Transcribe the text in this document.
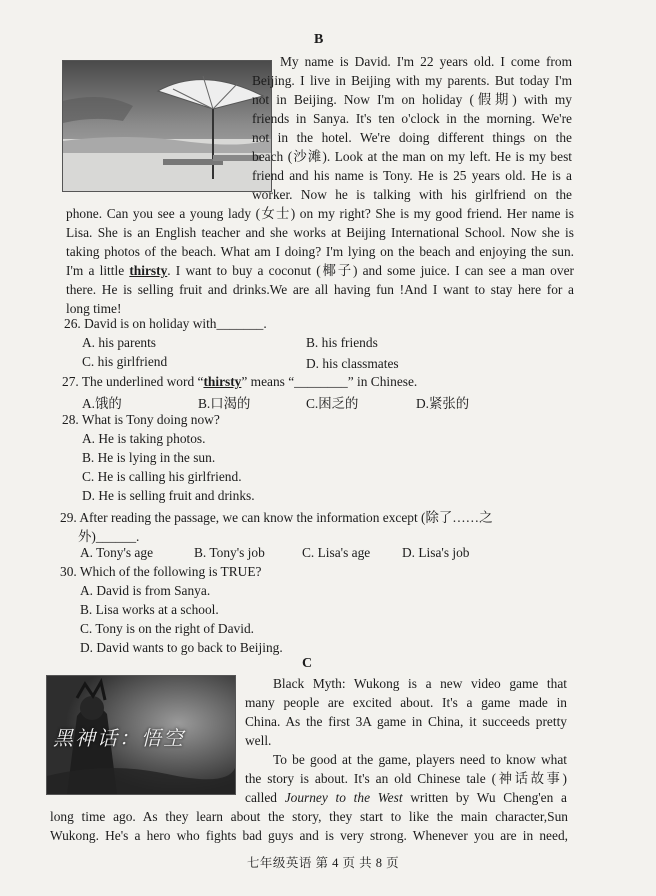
B
My name is David. I'm 22 years old. I come from
Beijing. I live in Beijing with my parents. But today I'm
not in Beijing. Now I'm on holiday (假期) with my
friends in Sanya. It's ten o'clock in the morning. We're
not in the hotel. We're doing different things on the
beach (沙滩). Look at the man on my left. He is my best
friend and his name is Tony. He is 25 years old. He is a
worker. Now he is talking with his girlfriend on the
phone. Can you see a young lady (女士) on my right? She is my good friend. Her name is
Lisa. She is an English teacher and she works at Beijing International School. Now she is
taking photos of the beach. What am I doing? I'm lying on the beach and enjoying the sun.
I'm a little thirsty. I want to buy a coconut (椰子) and some juice. I can see a man over
there. He is selling fruit and drinks.We are all having fun !And I want to stay here for a
long time!
26. David is on holiday with_______.
A. his parents	B. his friends
C. his girlfriend	D. his classmates
27. The underlined word “thirsty” means “________” in Chinese.
A.饿的	B.口渴的	C.困乏的	D.紧张的
28. What is Tony doing now?
A. He is taking photos.
B. He is lying in the sun.
C. He is calling his girlfriend.
D. He is selling fruit and drinks.
29. After reading the passage, we can know the information except (除了……之
外)______.
A. Tony's age	B. Tony's job	C. Lisa's age D. Lisa's job
30. Which of the following is TRUE?
A. David is from Sanya.
B. Lisa works at a school.
C. Tony is on the right of David.
D. David wants to go back to Beijing.
C
黑神话：悟空
Black Myth: Wukong is a new video game that
many people are excited about. It's a game made in
China. As the first 3A game in China, it succeeds pretty
well.
To be good at the game, players need to know what
the story is about. It's an old Chinese tale (神话故事)
called Journey to the West written by Wu Cheng'en a
long time ago. As they learn about the story, they start to like the main character,Sun
Wukong. He's a hero who fights bad guys and is very strong. Whenever you are in need,
七年级英语 第 4 页 共 8 页
